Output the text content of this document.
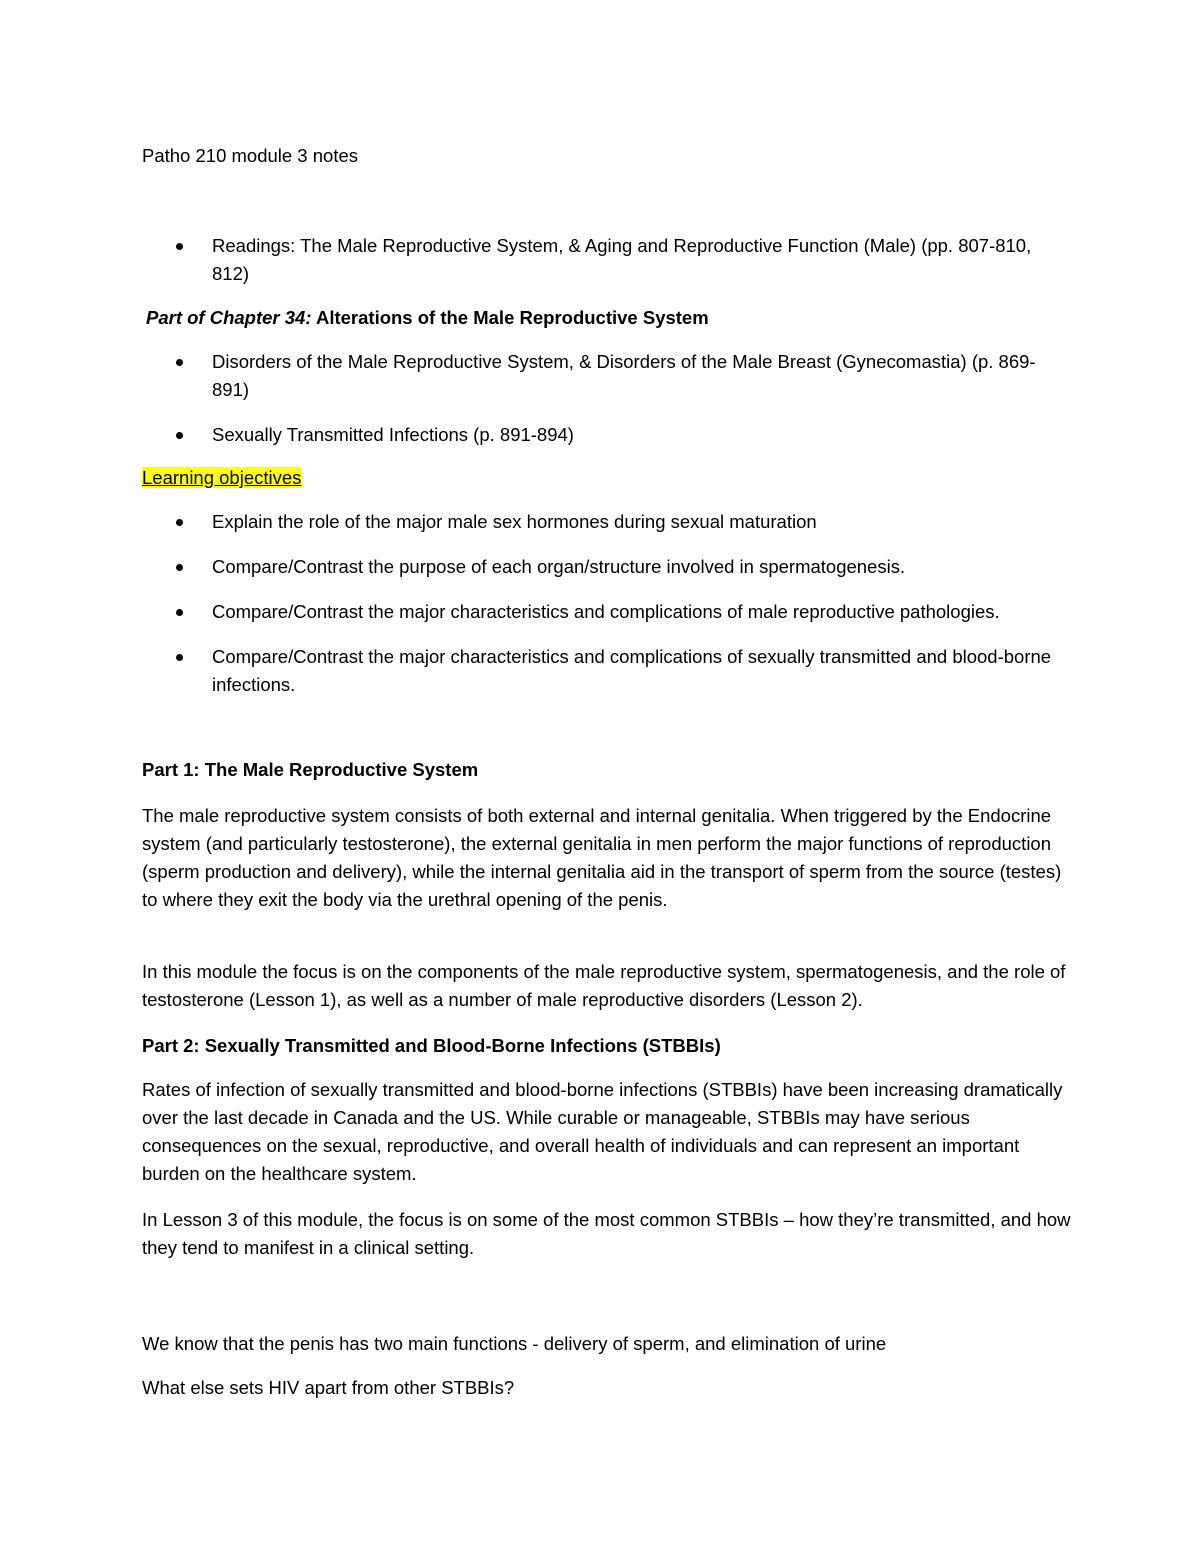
Patho 210 module 3 notes

Readings: The Male Reproductive System, & Aging and Reproductive Function (Male) (pp. 807-810, 812)

Part of Chapter 34: Alterations of the Male Reproductive System

Disorders of the Male Reproductive System, & Disorders of the Male Breast (Gynecomastia) (p. 869-891)
Sexually Transmitted Infections (p. 891-894)

Learning objectives

Explain the role of the major male sex hormones during sexual maturation
Compare/Contrast the purpose of each organ/structure involved in spermatogenesis.
Compare/Contrast the major characteristics and complications of male reproductive pathologies.
Compare/Contrast the major characteristics and complications of sexually transmitted and blood-borne infections.

Part 1: The Male Reproductive System

The male reproductive system consists of both external and internal genitalia. When triggered by the Endocrine system (and particularly testosterone), the external genitalia in men perform the major functions of reproduction (sperm production and delivery), while the internal genitalia aid in the transport of sperm from the source (testes) to where they exit the body via the urethral opening of the penis.

In this module the focus is on the components of the male reproductive system, spermatogenesis, and the role of testosterone (Lesson 1), as well as a number of male reproductive disorders (Lesson 2).

Part 2: Sexually Transmitted and Blood-Borne Infections (STBBIs)

Rates of infection of sexually transmitted and blood-borne infections (STBBIs) have been increasing dramatically over the last decade in Canada and the US. While curable or manageable, STBBIs may have serious consequences on the sexual, reproductive, and overall health of individuals and can represent an important burden on the healthcare system.

In Lesson 3 of this module, the focus is on some of the most common STBBIs – how they’re transmitted, and how they tend to manifest in a clinical setting.

We know that the penis has two main functions - delivery of sperm, and elimination of urine

What else sets HIV apart from other STBBIs?
